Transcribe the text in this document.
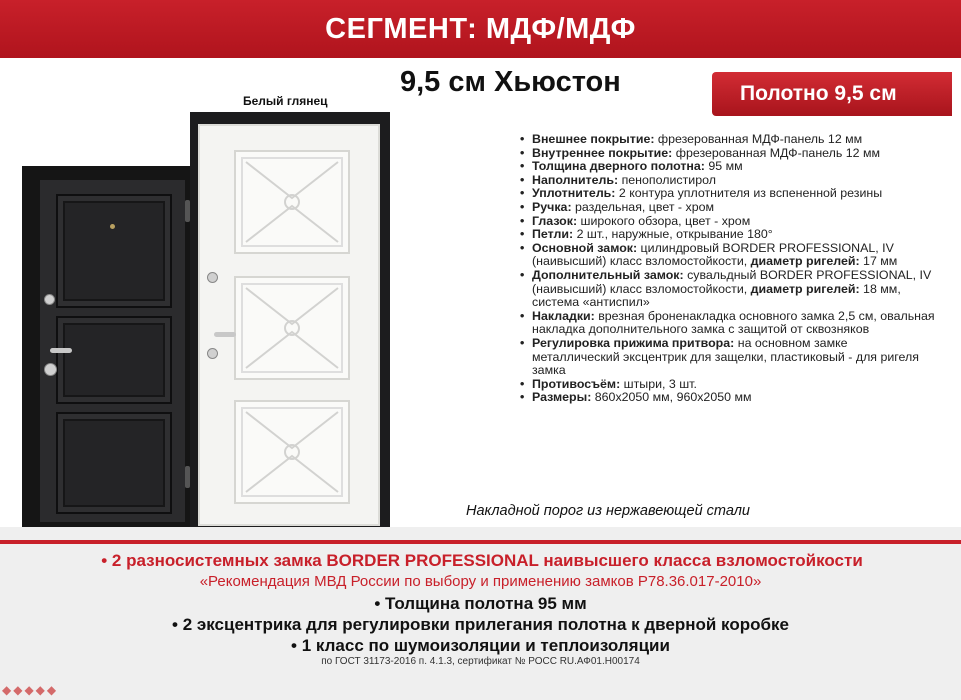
СЕГМЕНТ: МДФ/МДФ
9,5 см Хьюстон
Белый глянец	Полотно 9,5 см
• Внешнее покрытие: фрезерованная МДФ-панель 12 мм
• Внутреннее покрытие: фрезерованная МДФ-панель 12 мм
• Толщина дверного полотна: 95 мм
• Наполнитель: пенополистирол
• Уплотнитель: 2 контура уплотнителя из вспененной резины
• Ручка: раздельная, цвет - хром
• Глазок: широкого обзора, цвет - хром
• Петли: 2 шт., наружные, открывание 180°
• Основной замок: цилиндровый BORDER PROFESSIONAL, IV (наивысший) класс взломостойкости, диаметр ригелей: 17 мм
• Дополнительный замок: сувальдный BORDER PROFESSIONAL, IV (наивысший) класс взломостойкости, диаметр ригелей: 18 мм, система «антиспил»
• Накладки: врезная броненакладка основного замка 2,5 см, овальная накладка дополнительного замка с защитой от сквозняков
• Регулировка прижима притвора: на основном замке металлический эксцентрик для защелки, пластиковый - для ригеля замка
• Противосъём: штыри, 3 шт.
• Размеры: 860х2050 мм, 960х2050 мм
Накладной порог из нержавеющей стали
• 2 разносистемных замка BORDER PROFESSIONAL наивысшего класса взломостойкости
«Рекомендация МВД России по выбору и применению замков Р78.36.017-2010»
• Толщина полотна 95 мм
• 2 эксцентрика для регулировки прилегания полотна к дверной коробке
• 1 класс по шумоизоляции и теплоизоляции
по ГОСТ 31173-2016 п. 4.1.3, сертификат № РОСС RU.АФ01.Н00174
◆◆◆◆◆
